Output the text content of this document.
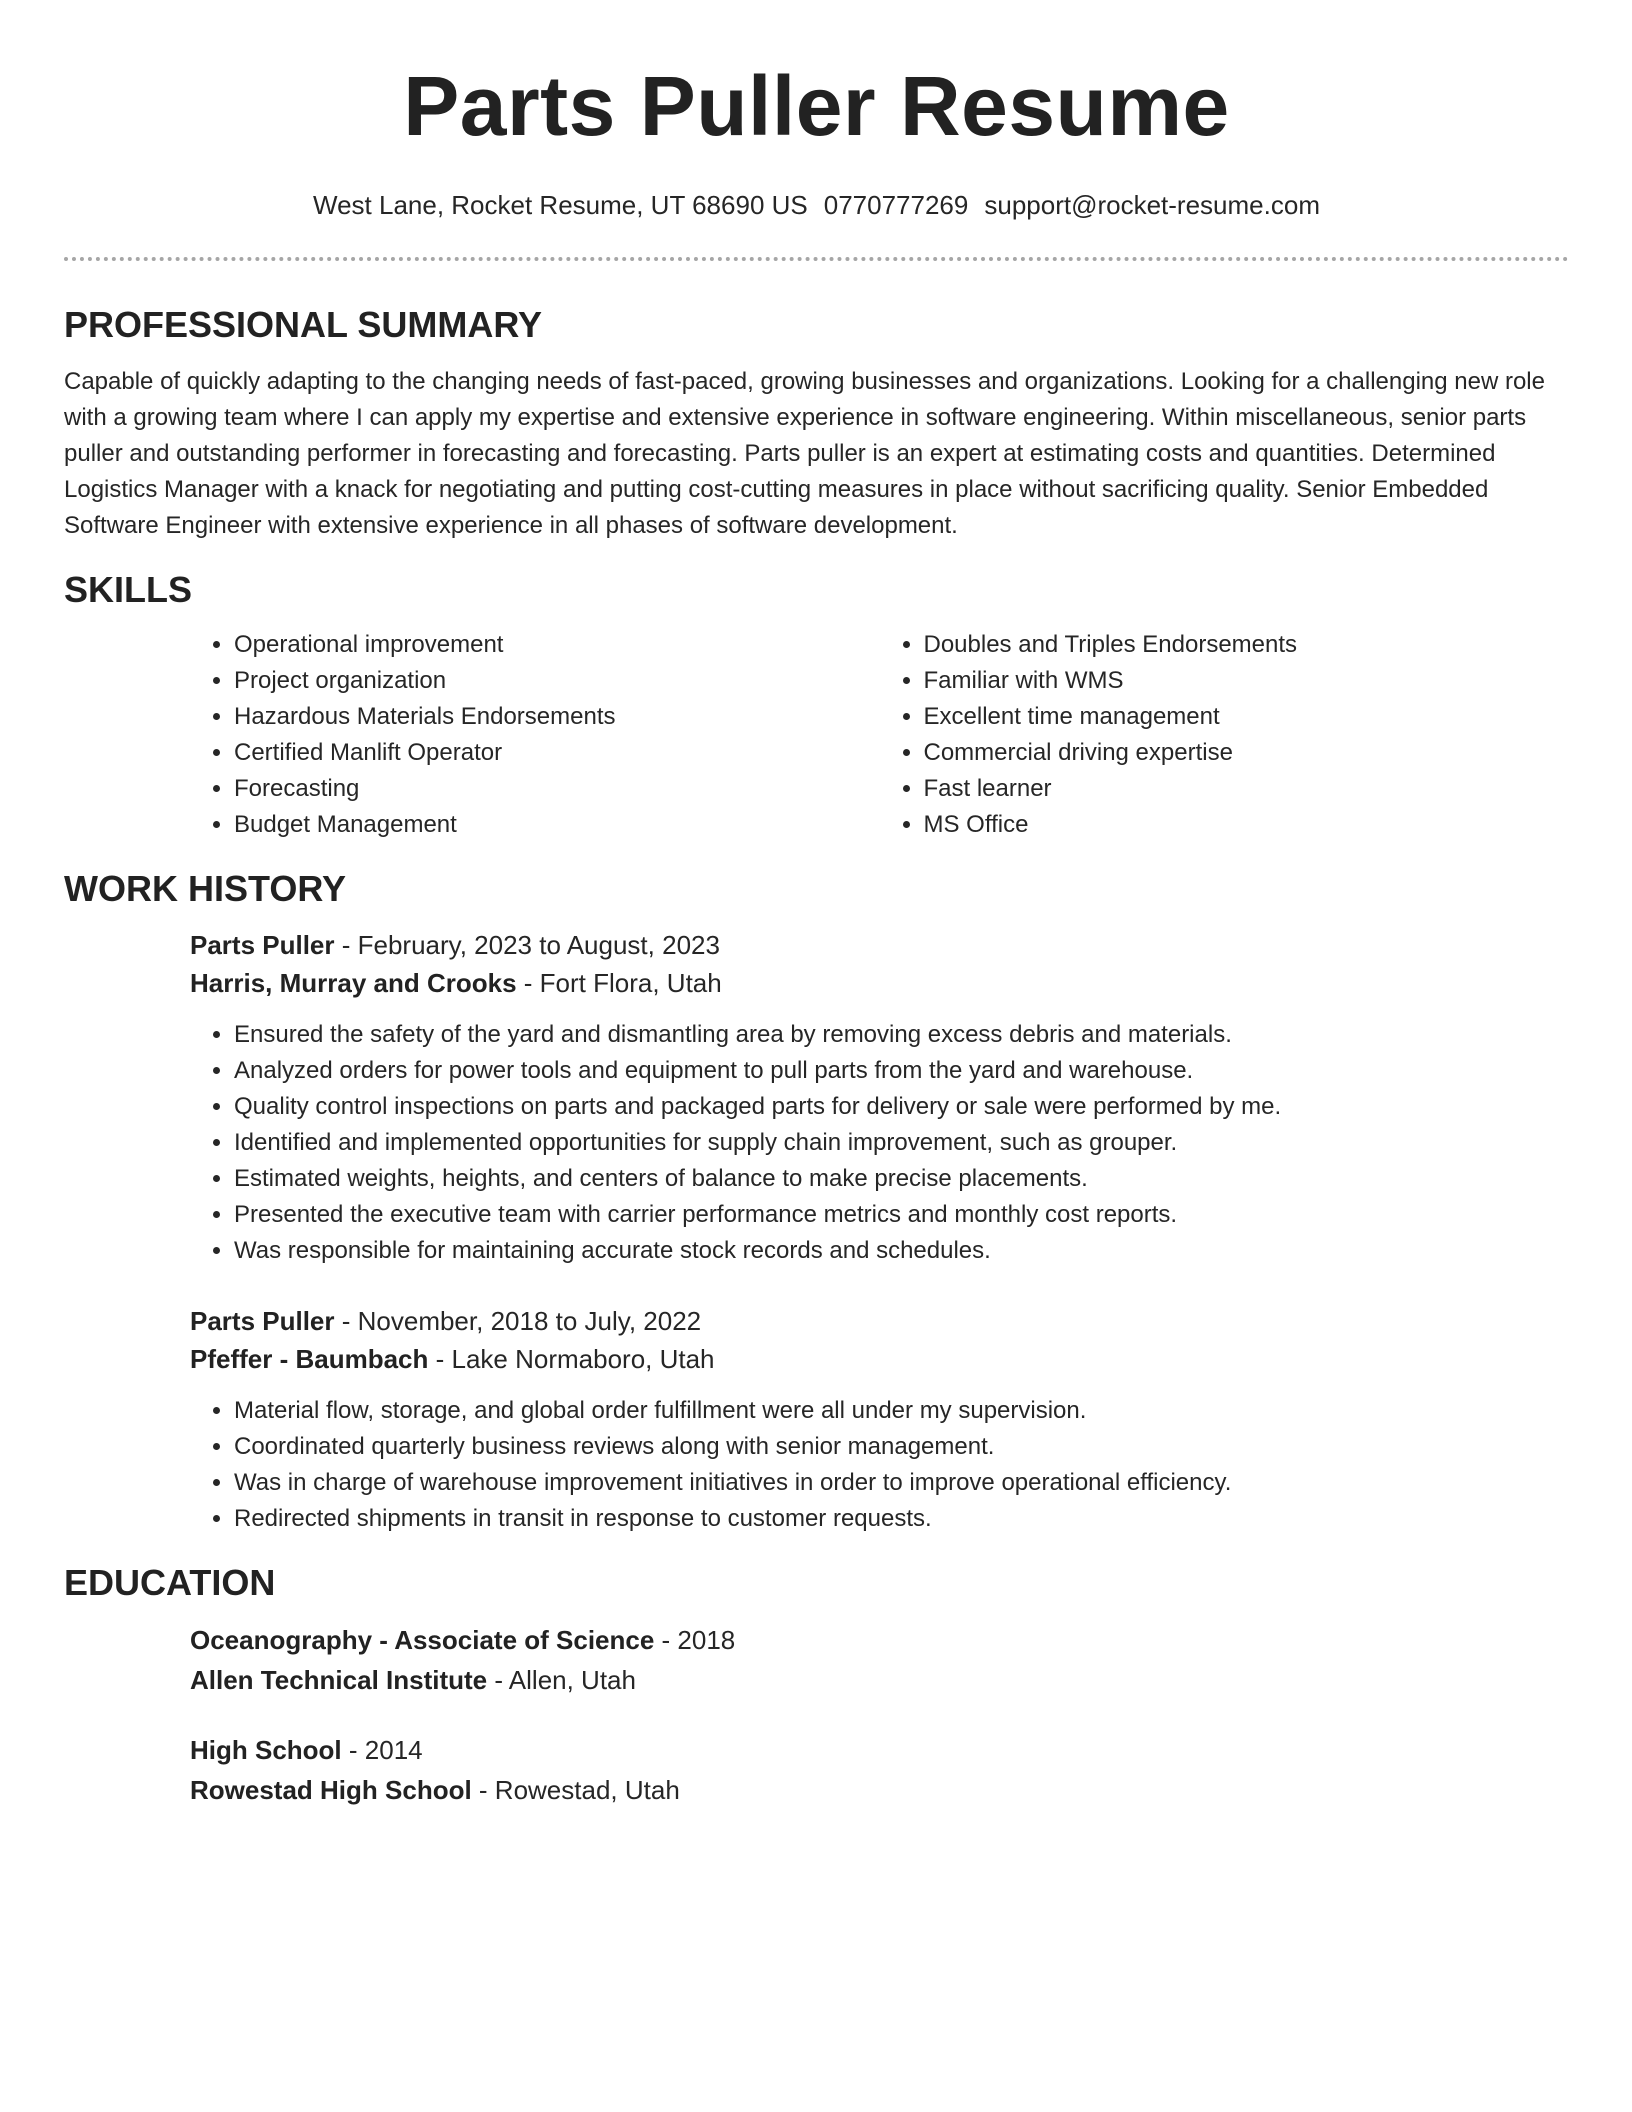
Parts Puller Resume
West Lane, Rocket Resume, UT 68690 US 0770777269 support@rocket-resume.com
PROFESSIONAL SUMMARY

Capable of quickly adapting to the changing needs of fast-paced, growing businesses and organizations. Looking for a challenging new role with a growing team where I can apply my expertise and extensive experience in software engineering. Within miscellaneous, senior parts puller and outstanding performer in forecasting and forecasting. Parts puller is an expert at estimating costs and quantities. Determined Logistics Manager with a knack for negotiating and putting cost-cutting measures in place without sacrificing quality. Senior Embedded Software Engineer with extensive experience in all phases of software development.

SKILLS
• Operational improvement
• Project organization
• Hazardous Materials Endorsements
• Certified Manlift Operator
• Forecasting
• Budget Management
• Doubles and Triples Endorsements
• Familiar with WMS
• Excellent time management
• Commercial driving expertise
• Fast learner
• MS Office
WORK HISTORY
Parts Puller - February, 2023 to August, 2023
Harris, Murray and Crooks - Fort Flora, Utah
• Ensured the safety of the yard and dismantling area by removing excess debris and materials.
• Analyzed orders for power tools and equipment to pull parts from the yard and warehouse.
• Quality control inspections on parts and packaged parts for delivery or sale were performed by me.
• Identified and implemented opportunities for supply chain improvement, such as grouper.
• Estimated weights, heights, and centers of balance to make precise placements.
• Presented the executive team with carrier performance metrics and monthly cost reports.
• Was responsible for maintaining accurate stock records and schedules.
Parts Puller - November, 2018 to July, 2022
Pfeffer - Baumbach - Lake Normaboro, Utah
• Material flow, storage, and global order fulfillment were all under my supervision.
• Coordinated quarterly business reviews along with senior management.
• Was in charge of warehouse improvement initiatives in order to improve operational efficiency.
• Redirected shipments in transit in response to customer requests.
EDUCATION
Oceanography - Associate of Science - 2018
Allen Technical Institute - Allen, Utah
High School - 2014
Rowestad High School - Rowestad, Utah
